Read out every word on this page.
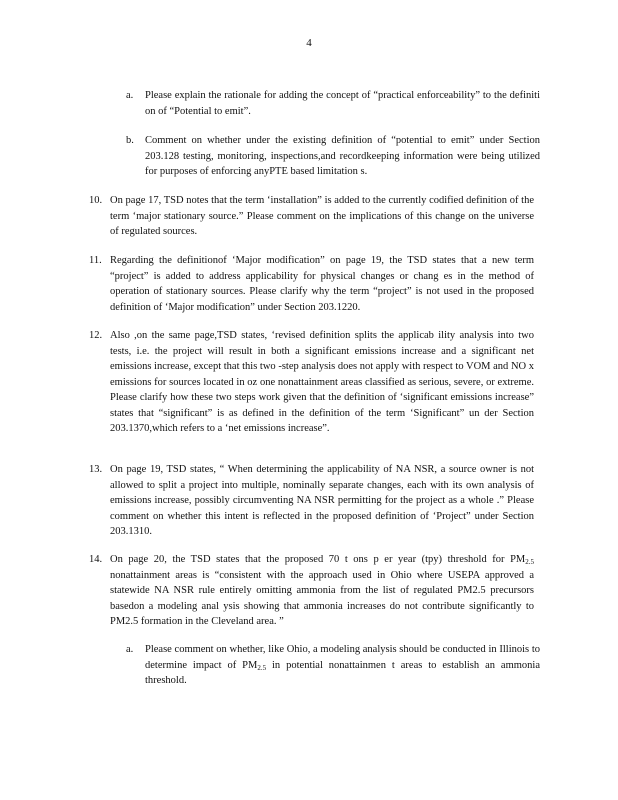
4
a. Please explain the rationale for adding the concept of “practical enforceability” to the definiti on of “Potential to emit”.
b. Comment on whether under the existing definition of “potential to emit” under Section 203.128 testing, monitoring, inspections,and recordkeeping information were being utilized for purposes of enforcing anyPTE based limitation s.
10. On page 17, TSD notes that the term ‘installation” is added to the currently codified definition of the term ‘major stationary source.” Please comment on the implications of this change on the universe of regulated sources.
11. Regarding the definitionof ‘Major modification” on page 19, the TSD states that a new term “project” is added to address applicability for physical changes or chang es in the method of operation of stationary sources. Please clarify why the term “project” is not used in the proposed definition of ‘Major modification” under Section 203.1220.
12. Also ,on the same page,TSD states, ‘revised definition splits the applicab ility analysis into two tests, i.e. the project will result in both a significant emissions increase and a significant net emissions increase, except that this two -step analysis does not apply with respect to VOM and NO x emissions for sources located in oz one nonattainment areas classified as serious, severe, or extreme. Please clarify how these two steps work given that the definition of ‘significant emissions increase” states that “significant” is as defined in the definition of the term ‘Significant” un der Section 203.1370,which refers to a ‘net emissions increase”.
13. On page 19, TSD states, “ When determining the applicability of NA NSR, a source owner is not allowed to split a project into multiple, nominally separate changes, each with its own analysis of emissions increase, possibly circumventing NA NSR permitting for the project as a whole .” Please comment on whether this intent is reflected in the proposed definition of ‘Project” under Section 203.1310.
14. On page 20, the TSD states that the proposed 70 t ons p er year (tpy) threshold for $PM_{2.5}$ nonattainment areas is “consistent with the approach used in Ohio where USEPA approved a statewide NA NSR rule entirely omitting ammonia from the list of regulated PM2.5 precursors basedon a modeling anal ysis showing that ammonia increases do not contribute significantly to PM2.5 formation in the Cleveland area. ”
a. Please comment on whether, like Ohio, a modeling analysis should be conducted in Illinois to determine impact of $PM_{2.5}$ in potential nonattainmen t areas to establish an ammonia threshold.
